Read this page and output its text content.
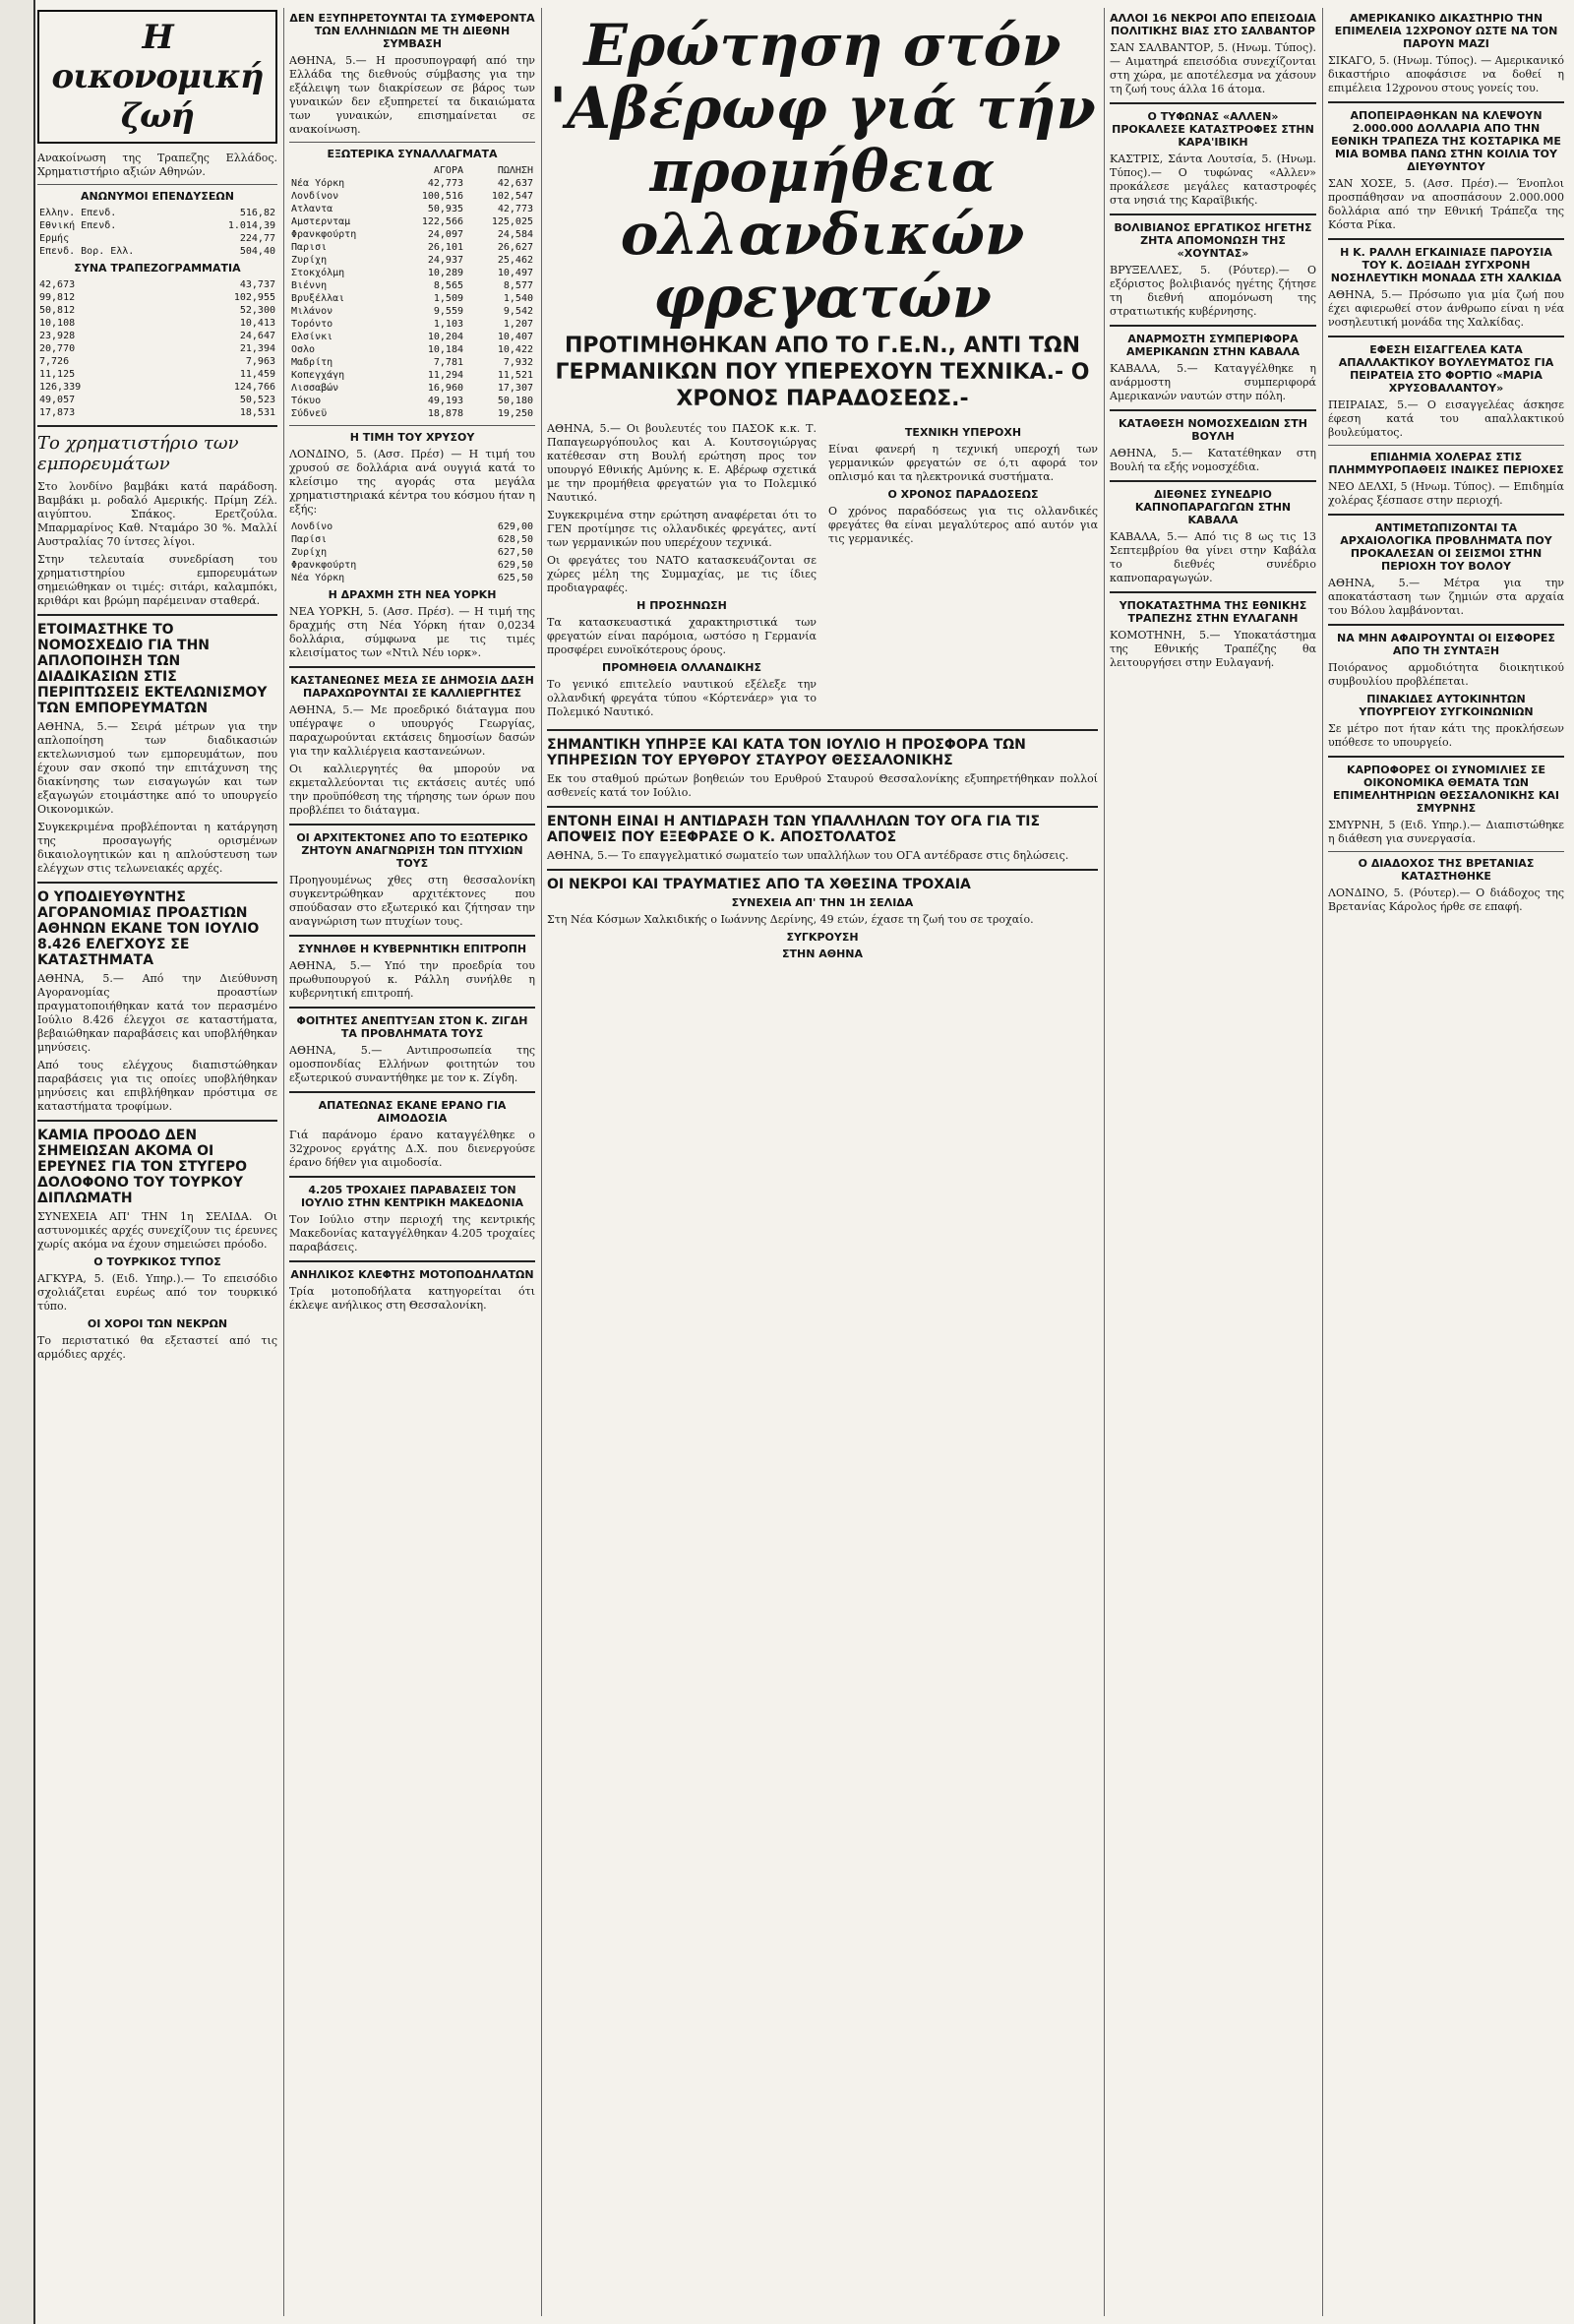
Η οικονομική ζωή

Ανακοίνωση της Τραπεζης Ελλάδος. Χρηματιστήριο αξιών Αθηνών.

ΑΝΩΝΥΜΟΙ ΕΠΕΝΔΥΣΕΩΝ
Ελλην. Επενδ.	516,82
Εθνική Επενδ.	1.014,39
Ερμής	224,77
Επενδ. Βορ. Ελλ.	504,40
ΣΥΝΑ ΤΡΑΠΕΖΟΓΡΑΜΜΑΤΙΑ
42,673	43,737
99,812	102,955
50,812	52,300
10,108	10,413
23,928	24,647
20,770	21,394
7,726	7,963
11,125	11,459
126,339	124,766
49,057	50,523
17,873	18,531
Το χρηματιστήριο των εμπορευμάτων

Στο λονδίνο βαμβάκι κατά παράδοση. Βαμβάκι μ. ροδαλό Αμερικής. Πρίμη Ζέλ. αιγύπτου. Σπάκος. Ερετζούλα. Μπαρμαρίνος Καθ. Νταμάρο 30 %. Μαλλί Αυστραλίας 70 ίντσες λίγοι.

Στην τελευταία συνεδρίαση του χρηματιστηρίου εμπορευμάτων σημειώθηκαν οι τιμές: σιτάρι, καλαμπόκι, κριθάρι και βρώμη παρέμειναν σταθερά.

ΕΤΟΙΜΑΣΤΗΚΕ ΤΟ ΝΟΜΟΣΧΕΔΙΟ ΓΙΑ ΤΗΝ ΑΠΛΟΠΟΙΗΣΗ ΤΩΝ ΔΙΑΔΙΚΑΣΙΩΝ ΣΤΙΣ ΠΕΡΙΠΤΩΣΕΙΣ ΕΚΤΕΛΩΝΙΣΜΟΥ ΤΩΝ ΕΜΠΟΡΕΥΜΑΤΩΝ

ΑΘΗΝΑ, 5.— Σειρά μέτρων για την απλοποίηση των διαδικασιών εκτελωνισμού των εμπορευμάτων, που έχουν σαν σκοπό την επιτάχυνση της διακίνησης των εισαγωγών και των εξαγωγών ετοιμάστηκε από το υπουργείο Οικονομικών.

Συγκεκριμένα προβλέπονται η κατάργηση της προσαγωγής ορισμένων δικαιολογητικών και η απλούστευση των ελέγχων στις τελωνειακές αρχές.

Ο ΥΠΟΔΙΕΥΘΥΝΤΗΣ ΑΓΟΡΑΝΟΜΙΑΣ ΠΡΟΑΣΤΙΩΝ ΑΘΗΝΩΝ ΕΚΑΝΕ ΤΟΝ ΙΟΥΛΙΟ 8.426 ΕΛΕΓΧΟΥΣ ΣΕ ΚΑΤΑΣΤΗΜΑΤΑ

ΑΘΗΝΑ, 5.— Από την Διεύθυνση Αγορανομίας προαστίων πραγματοποιήθηκαν κατά τον περασμένο Ιούλιο 8.426 έλεγχοι σε καταστήματα, βεβαιώθηκαν παραβάσεις και υποβλήθηκαν μηνύσεις.

Από τους ελέγχους διαπιστώθηκαν παραβάσεις για τις οποίες υποβλήθηκαν μηνύσεις και επιβλήθηκαν πρόστιμα σε καταστήματα τροφίμων.

ΚΑΜΙΑ ΠΡΟΟΔΟ ΔΕΝ ΣΗΜΕΙΩΣΑΝ ΑΚΟΜΑ ΟΙ ΕΡΕΥΝΕΣ ΓΙΑ ΤΟΝ ΣΤΥΓΕΡΟ ΔΟΛΟΦΟΝΟ ΤΟΥ ΤΟΥΡΚΟΥ ΔΙΠΛΩΜΑΤΗ

ΣΥΝΕΧΕΙΑ ΑΠ' ΤΗΝ 1η ΣΕΛΙΔΑ. Οι αστυνομικές αρχές συνεχίζουν τις έρευνες χωρίς ακόμα να έχουν σημειώσει πρόοδο.

Ο ΤΟΥΡΚΙΚΟΣ ΤΥΠΟΣ

ΑΓΚΥΡΑ, 5. (Ειδ. Υπηρ.).— Το επεισόδιο σχολιάζεται ευρέως από τον τουρκικό τύπο.

ΟΙ ΧΟΡΟΙ ΤΩΝ ΝΕΚΡΩΝ

Το περιστατικό θα εξεταστεί από τις αρμόδιες αρχές.

ΔΕΝ ΕΞΥΠΗΡΕΤΟΥΝΤΑΙ ΤΑ ΣΥΜΦΕΡΟΝΤΑ ΤΩΝ ΕΛΛΗΝΙΔΩΝ ΜΕ ΤΗ ΔΙΕΘΝΗ ΣΥΜΒΑΣΗ

ΑΘΗΝΑ, 5.— Η προσυπογραφή από την Ελλάδα της διεθνούς σύμβασης για την εξάλειψη των διακρίσεων σε βάρος των γυναικών δεν εξυπηρετεί τα δικαιώματα των γυναικών, επισημαίνεται σε ανακοίνωση.

ΕΞΩΤΕΡΙΚΑ ΣΥΝΑΛΛΑΓΜΑΤΑ
	ΑΓΟΡΑ	ΠΩΛΗΣΗ
Νέα Υόρκη	42,773	42,637
Λονδίνον	100,516	102,547
Ατλαντα	50,935	42,773
Αμστερνταμ	122,566	125,025
Φρανκφούρτη	24,097	24,584
Παρισι	26,101	26,627
Ζυρίχη	24,937	25,462
Στοκχόλμη	10,289	10,497
Βιέννη	8,565	8,577
Βρυξέλλαι	1,509	1,540
Μιλάνον	9,559	9,542
Τορόντο	1,103	1,207
Ελσίνκι	10,204	10,407
Οσλο	10,184	10,422
Μαδρίτη	7,781	7,932
Κοπεγχάγη	11,294	11,521
Λισσαβών	16,960	17,307
Τόκυο	49,193	50,180
Σύδνεϋ	18,878	19,250
Η ΤΙΜΗ ΤΟΥ ΧΡΥΣΟΥ

ΛΟΝΔΙΝΟ, 5. (Ασσ. Πρέσ) — Η τιμή του χρυσού σε δολλάρια ανά ουγγιά κατά το κλείσιμο της αγοράς στα μεγάλα χρηματιστηριακά κέντρα του κόσμου ήταν η εξής:

Λονδίνο	629,00
Παρίσι	628,50
Ζυρίχη	627,50
Φρανκφούρτη	629,50
Νέα Υόρκη	625,50
Η ΔΡΑΧΜΗ ΣΤΗ ΝΕΑ ΥΟΡΚΗ

ΝΕΑ ΥΟΡΚΗ, 5. (Ασσ. Πρέσ). — Η τιμή της δραχμής στη Νέα Υόρκη ήταν 0,0234 δολλάρια, σύμφωνα με τις τιμές κλεισίματος των «Ντιλ Νέυ ιορκ».

ΚΑΣΤΑΝΕΩΝΕΣ ΜΕΣΑ ΣΕ ΔΗΜΟΣΙΑ ΔΑΣΗ ΠΑΡΑΧΩΡΟΥΝΤΑΙ ΣΕ ΚΑΛΛΙΕΡΓΗΤΕΣ

ΑΘΗΝΑ, 5.— Με προεδρικό διάταγμα που υπέγραψε ο υπουργός Γεωργίας, παραχωρούνται εκτάσεις δημοσίων δασών για την καλλιέργεια καστανεώνων.

Οι καλλιεργητές θα μπορούν να εκμεταλλεύονται τις εκτάσεις αυτές υπό την προϋπόθεση της τήρησης των όρων που προβλέπει το διάταγμα.

ΟΙ ΑΡΧΙΤΕΚΤΟΝΕΣ ΑΠΟ ΤΟ ΕΞΩΤΕΡΙΚΟ ΖΗΤΟΥΝ ΑΝΑΓΝΩΡΙΣΗ ΤΩΝ ΠΤΥΧΙΩΝ ΤΟΥΣ

Προηγουμένως χθες στη θεσσαλονίκη συγκεντρώθηκαν αρχιτέκτονες που σπούδασαν στο εξωτερικό και ζήτησαν την αναγνώριση των πτυχίων τους.

ΣΥΝΗΛΘΕ Η ΚΥΒΕΡΝΗΤΙΚΗ ΕΠΙΤΡΟΠΗ

ΑΘΗΝΑ, 5.— Υπό την προεδρία του πρωθυπουργού κ. Ράλλη συνήλθε η κυβερνητική επιτροπή.

ΦΟΙΤΗΤΕΣ ΑΝΕΠΤΥΞΑΝ ΣΤΟΝ Κ. ΖΙΓΔΗ ΤΑ ΠΡΟΒΛΗΜΑΤΑ ΤΟΥΣ

ΑΘΗΝΑ, 5.— Αντιπροσωπεία της ομοσπονδίας Ελλήνων φοιτητών του εξωτερικού συναντήθηκε με τον κ. Ζίγδη.

ΑΠΑΤΕΩΝΑΣ ΕΚΑΝΕ ΕΡΑΝΟ ΓΙΑ ΑΙΜΟΔΟΣΙΑ

Γιά παράνομο έρανο καταγγέλθηκε ο 32χρονος εργάτης Δ.Χ. που διενεργούσε έρανο δήθεν για αιμοδοσία.

4.205 ΤΡΟΧΑΙΕΣ ΠΑΡΑΒΑΣΕΙΣ ΤΟΝ ΙΟΥΛΙΟ ΣΤΗΝ ΚΕΝΤΡΙΚΗ ΜΑΚΕΔΟΝΙΑ

Τον Ιούλιο στην περιοχή της κεντρικής Μακεδονίας καταγγέλθηκαν 4.205 τροχαίες παραβάσεις.

ΑΝΗΛΙΚΟΣ ΚΛΕΦΤΗΣ ΜΟΤΟΠΟΔΗΛΑΤΩΝ

Τρία μοτοποδήλατα κατηγορείται ότι έκλεψε ανήλικος στη Θεσσαλονίκη.

Ερώτηση στόν 'Αβέρωφ γιά τήν προμήθεια ολλανδικών φρεγατών
ΠΡΟΤΙΜΗΘΗΚΑΝ ΑΠΟ ΤΟ Γ.Ε.Ν., ΑΝΤΙ ΤΩΝ ΓΕΡΜΑΝΙΚΩΝ ΠΟΥ ΥΠΕΡΕΧΟΥΝ ΤΕΧΝΙΚΑ.- Ο ΧΡΟΝΟΣ ΠΑΡΑΔΟΣΕΩΣ.-

ΑΘΗΝΑ, 5.— Οι βουλευτές του ΠΑΣΟΚ κ.κ. Τ. Παπαγεωργόπουλος και Α. Κουτσογιώργας κατέθεσαν στη Βουλή ερώτηση προς τον υπουργό Εθνικής Αμύνης κ. Ε. Αβέρωφ σχετικά με την προμήθεια φρεγατών για το Πολεμικό Ναυτικό.

Συγκεκριμένα στην ερώτηση αναφέρεται ότι το ΓΕΝ προτίμησε τις ολλανδικές φρεγάτες, αντί των γερμανικών που υπερέχουν τεχνικά.

Οι φρεγάτες του ΝΑΤΟ κατασκευάζονται σε χώρες μέλη της Συμμαχίας, με τις ίδιες προδιαγραφές.

Η ΠΡΟΣΗΝΩΣΗ

Τα κατασκευαστικά χαρακτηριστικά των φρεγατών είναι παρόμοια, ωστόσο η Γερμανία προσφέρει ευνοϊκότερους όρους.

ΠΡΟΜΗΘΕΙΑ ΟΛΛΑΝΔΙΚΗΣ

Το γενικό επιτελείο ναυτικού εξέλεξε την ολλανδική φρεγάτα τύπου «Κόρτενάερ» για το Πολεμικό Ναυτικό.

ΤΕΧΝΙΚΗ ΥΠΕΡΟΧΗ

Είναι φανερή η τεχνική υπεροχή των γερμανικών φρεγατών σε ό,τι αφορά τον οπλισμό και τα ηλεκτρονικά συστήματα.

Ο ΧΡΟΝΟΣ ΠΑΡΑΔΟΣΕΩΣ

Ο χρόνος παραδόσεως για τις ολλανδικές φρεγάτες θα είναι μεγαλύτερος από αυτόν για τις γερμανικές.

ΣΗΜΑΝΤΙΚΗ ΥΠΗΡΞΕ ΚΑΙ ΚΑΤΑ ΤΟΝ ΙΟΥΛΙΟ Η ΠΡΟΣΦΟΡΑ ΤΩΝ ΥΠΗΡΕΣΙΩΝ ΤΟΥ ΕΡΥΘΡΟΥ ΣΤΑΥΡΟΥ ΘΕΣΣΑΛΟΝΙΚΗΣ

Εκ του σταθμού πρώτων βοηθειών του Ερυθρού Σταυρού Θεσσαλονίκης εξυπηρετήθηκαν πολλοί ασθενείς κατά τον Ιούλιο.

ΕΝΤΟΝΗ ΕΙΝΑΙ Η ΑΝΤΙΔΡΑΣΗ ΤΩΝ ΥΠΑΛΛΗΛΩΝ ΤΟΥ ΟΓΑ ΓΙΑ ΤΙΣ ΑΠΟΨΕΙΣ ΠΟΥ ΕΞΕΦΡΑΣΕ Ο Κ. ΑΠΟΣΤΟΛΑΤΟΣ

ΑΘΗΝΑ, 5.— Το επαγγελματικό σωματείο των υπαλλήλων του ΟΓΑ αντέδρασε στις δηλώσεις.

ΟΙ ΝΕΚΡΟΙ ΚΑΙ ΤΡΑΥΜΑΤΙΕΣ ΑΠΟ ΤΑ ΧΘΕΣΙΝΑ ΤΡΟΧΑΙΑ
ΣΥΝΕΧΕΙΑ ΑΠ' ΤΗΝ 1Η ΣΕΛΙΔΑ

Στη Νέα Κόσμων Χαλκιδικής ο Ιωάννης Δερίνης, 49 ετών, έχασε τη ζωή του σε τροχαίο.

ΣΥΓΚΡΟΥΣΗ
ΣΤΗΝ ΑΘΗΝΑ
ΑΛΛΟΙ 16 ΝΕΚΡΟΙ ΑΠΟ ΕΠΕΙΣΟΔΙΑ ΠΟΛΙΤΙΚΗΣ ΒΙΑΣ ΣΤΟ ΣΑΛΒΑΝΤΟΡ

ΣΑΝ ΣΑΛΒΑΝΤΟΡ, 5. (Ηνωμ. Τύπος).— Αιματηρά επεισόδια συνεχίζονται στη χώρα, με αποτέλεσμα να χάσουν τη ζωή τους άλλα 16 άτομα.

Ο ΤΥΦΩΝΑΣ «ΑΛΛΕΝ» ΠΡΟΚΑΛΕΣΕ ΚΑΤΑΣΤΡΟΦΕΣ ΣΤΗΝ ΚΑΡΑ'ΙΒΙΚΗ

ΚΑΣΤΡΙΣ, Σάντα Λουτσία, 5. (Ηνωμ. Τύπος).— Ο τυφώνας «Αλλεν» προκάλεσε μεγάλες καταστροφές στα νησιά της Καραϊβικής.

ΒΟΛΙΒΙΑΝΟΣ ΕΡΓΑΤΙΚΟΣ ΗΓΕΤΗΣ ΖΗΤΑ ΑΠΟΜΟΝΩΣΗ ΤΗΣ «ΧΟΥΝΤΑΣ»

ΒΡΥΞΕΛΛΕΣ, 5. (Ρόυτερ).— Ο εξόριστος βολιβιανός ηγέτης ζήτησε τη διεθνή απομόνωση της στρατιωτικής κυβέρνησης.

ΑΝΑΡΜΟΣΤΗ ΣΥΜΠΕΡΙΦΟΡΑ ΑΜΕΡΙΚΑΝΩΝ ΣΤΗΝ ΚΑΒΑΛΑ

ΚΑΒΑΛΑ, 5.— Καταγγέλθηκε η ανάρμοστη συμπεριφορά Αμερικανών ναυτών στην πόλη.

ΚΑΤΑΘΕΣΗ ΝΟΜΟΣΧΕΔΙΩΝ ΣΤΗ ΒΟΥΛΗ

ΑΘΗΝΑ, 5.— Κατατέθηκαν στη Βουλή τα εξής νομοσχέδια.

ΔΙΕΘΝΕΣ ΣΥΝΕΔΡΙΟ ΚΑΠΝΟΠΑΡΑΓΩΓΩΝ ΣΤΗΝ ΚΑΒΑΛΑ

ΚΑΒΑΛΑ, 5.— Από τις 8 ως τις 13 Σεπτεμβρίου θα γίνει στην Καβάλα το διεθνές συνέδριο καπνοπαραγωγών.

ΥΠΟΚΑΤΑΣΤΗΜΑ ΤΗΣ ΕΘΝΙΚΗΣ ΤΡΑΠΕΖΗΣ ΣΤΗΝ ΕΥΛΑΓΑΝΗ

ΚΟΜΟΤΗΝΗ, 5.— Υποκατάστημα της Εθνικής Τραπέζης θα λειτουργήσει στην Ευλαγανή.

ΑΜΕΡΙΚΑΝΙΚΟ ΔΙΚΑΣΤΗΡΙΟ ΤΗΝ ΕΠΙΜΕΛΕΙΑ 12ΧΡΟΝΟΥ ΩΣΤΕ ΝΑ ΤΟΝ ΠΑΡΟΥΝ ΜΑΖΙ

ΣΙΚΑΓΟ, 5. (Ηνωμ. Τύπος). — Αμερικανικό δικαστήριο αποφάσισε να δοθεί η επιμέλεια 12χρονου στους γονείς του.

ΑΠΟΠΕΙΡΑΘΗΚΑΝ ΝΑ ΚΛΕΨΟΥΝ 2.000.000 ΔΟΛΛΑΡΙΑ ΑΠΟ ΤΗΝ ΕΘΝΙΚΗ ΤΡΑΠΕΖΑ ΤΗΣ ΚΟΣΤΑΡΙΚΑ ΜΕ ΜΙΑ ΒΟΜΒΑ ΠΑΝΩ ΣΤΗΝ ΚΟΙΛΙΑ ΤΟΥ ΔΙΕΥΘΥΝΤΟΥ

ΣΑΝ ΧΟΣΕ, 5. (Ασσ. Πρέσ).— Ένοπλοι προσπάθησαν να αποσπάσουν 2.000.000 δολλάρια από την Εθνική Τράπεζα της Κόστα Ρίκα.

Η Κ. ΡΑΛΛΗ ΕΓΚΑΙΝΙΑΣΕ ΠΑΡΟΥΣΙΑ ΤΟΥ Κ. ΔΟΞΙΑΔΗ ΣΥΓΧΡΟΝΗ ΝΟΣΗΛΕΥΤΙΚΗ ΜΟΝΑΔΑ ΣΤΗ ΧΑΛΚΙΔΑ

ΑΘΗΝΑ, 5.— Πρόσωπο για μία ζωή που έχει αφιερωθεί στον άνθρωπο είναι η νέα νοσηλευτική μονάδα της Χαλκίδας.

ΕΦΕΣΗ ΕΙΣΑΓΓΕΛΕΑ ΚΑΤΑ ΑΠΑΛΛΑΚΤΙΚΟΥ ΒΟΥΛΕΥΜΑΤΟΣ ΓΙΑ ΠΕΙΡΑΤΕΙΑ ΣΤΟ ΦΟΡΤΙΟ «ΜΑΡΙΑ ΧΡΥΣΟΒΑΛΑΝΤΟΥ»

ΠΕΙΡΑΙΑΣ, 5.— Ο εισαγγελέας άσκησε έφεση κατά του απαλλακτικού βουλεύματος.

ΕΠΙΔΗΜΙΑ ΧΟΛΕΡΑΣ ΣΤΙΣ ΠΛΗΜΜΥΡΟΠΑΘΕΙΣ ΙΝΔΙΚΕΣ ΠΕΡΙΟΧΕΣ

ΝΕΟ ΔΕΛΧΙ, 5 (Ηνωμ. Τύπος). — Επιδημία χολέρας ξέσπασε στην περιοχή.

ΑΝΤΙΜΕΤΩΠΙΖΟΝΤΑΙ ΤΑ ΑΡΧΑΙΟΛΟΓΙΚΑ ΠΡΟΒΛΗΜΑΤΑ ΠΟΥ ΠΡΟΚΑΛΕΣΑΝ ΟΙ ΣΕΙΣΜΟΙ ΣΤΗΝ ΠΕΡΙΟΧΗ ΤΟΥ ΒΟΛΟΥ

ΑΘΗΝΑ, 5.— Μέτρα για την αποκατάσταση των ζημιών στα αρχαία του Βόλου λαμβάνονται.

ΝΑ ΜΗΝ ΑΦΑΙΡΟΥΝΤΑΙ ΟΙ ΕΙΣΦΟΡΕΣ ΑΠΟ ΤΗ ΣΥΝΤΑΞΗ

Ποιόρανος αρμοδιότητα διοικητικού συμβουλίου προβλέπεται.

ΠΙΝΑΚΙΔΕΣ ΑΥΤΟΚΙΝΗΤΩΝ ΥΠΟΥΡΓΕΙΟΥ ΣΥΓΚΟΙΝΩΝΙΩΝ

Σε μέτρο ποτ ήταν κάτι της προκλήσεων υπόθεσε το υπουργείο.

ΚΑΡΠΟΦΟΡΕΣ ΟΙ ΣΥΝΟΜΙΛΙΕΣ ΣΕ ΟΙΚΟΝΟΜΙΚΑ ΘΕΜΑΤΑ ΤΩΝ ΕΠΙΜΕΛΗΤΗΡΙΩΝ ΘΕΣΣΑΛΟΝΙΚΗΣ ΚΑΙ ΣΜΥΡΝΗΣ

ΣΜΥΡΝΗ, 5 (Ειδ. Υπηρ.).— Διαπιστώθηκε η διάθεση για συνεργασία.

Ο ΔΙΑΔΟΧΟΣ ΤΗΣ ΒΡΕΤΑΝΙΑΣ ΚΑΤΑΣΤΗΘΗΚΕ

ΛΟΝΔΙΝΟ, 5. (Ρόυτερ).— Ο διάδοχος της Βρετανίας Κάρολος ήρθε σε επαφή.
